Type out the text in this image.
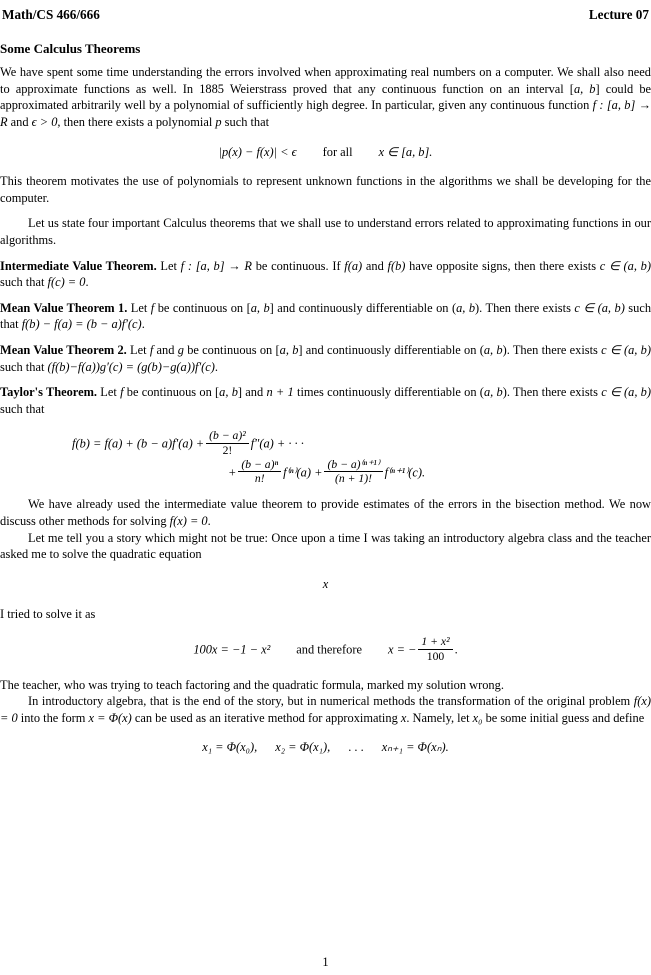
Math/CS 466/666	Lecture 07
Some Calculus Theorems

We have spent some time understanding the errors involved when approximating real numbers on a computer. We shall also need to approximate functions as well. In 1885 Weierstrass proved that any continuous function on an interval [a, b] could be approximated arbitrarily well by a polynomial of sufficiently high degree. In particular, given any continuous function f : [a, b] → R and ϵ > 0, then there exists a polynomial p such that

|p(x) − f(x)| < ϵ for all x ∈ [a, b].

This theorem motivates the use of polynomials to represent unknown functions in the algorithms we shall be developing for the computer.

Let us state four important Calculus theorems that we shall use to understand errors related to approximating functions in our algorithms.

Intermediate Value Theorem. Let f : [a, b] → R be continuous. If f(a) and f(b) have opposite signs, then there exists c ∈ (a, b) such that f(c) = 0.

Mean Value Theorem 1. Let f be continuous on [a, b] and continuously differentiable on (a, b). Then there exists c ∈ (a, b) such that f(b) − f(a) = (b − a)f′(c).

Mean Value Theorem 2. Let f and g be continuous on [a, b] and continuously differentiable on (a, b). Then there exists c ∈ (a, b) such that (f(b)−f(a))g′(c) = (g(b)−g(a))f′(c).

Taylor's Theorem. Let f be continuous on [a, b] and n + 1 times continuously differentiable on (a, b). Then there exists c ∈ (a, b) such that

$f(b) = f(a) + (b - a)f'(a) + \frac{\text{(b − a)²}}{2!} f''(a)$ + · · ·
+ $\frac{\text{(b − a)ⁿ}}{n!} f^{(n)}(a) + \frac{\text{(b − a)⁽ⁿ⁺¹⁾}}{(n + 1)!} f^{(n+1)}(c)$.

We have already used the intermediate value theorem to provide estimates of the errors in the bisection method. We now discuss other methods for solving f(x) = 0.

Let me tell you a story which might not be true: Once upon a time I was taking an introductory algebra class and the teacher asked me to solve the quadratic equation

x

I tried to solve it as

100x = −1 − x² and therefore x = − $\frac{\text{1 + x²}}{100}$ .

The teacher, who was trying to teach factoring and the quadratic formula, marked my solution wrong.

In introductory algebra, that is the end of the story, but in numerical methods the transformation of the original problem f(x) = 0 into the form x = Φ(x) can be used as an iterative method for approximating x. Namely, let x₀ be some initial guess and define

x₁ = Φ(x₀), x₂ = Φ(x₁), . . . xₙ₊₁ = Φ(xₙ).
1
